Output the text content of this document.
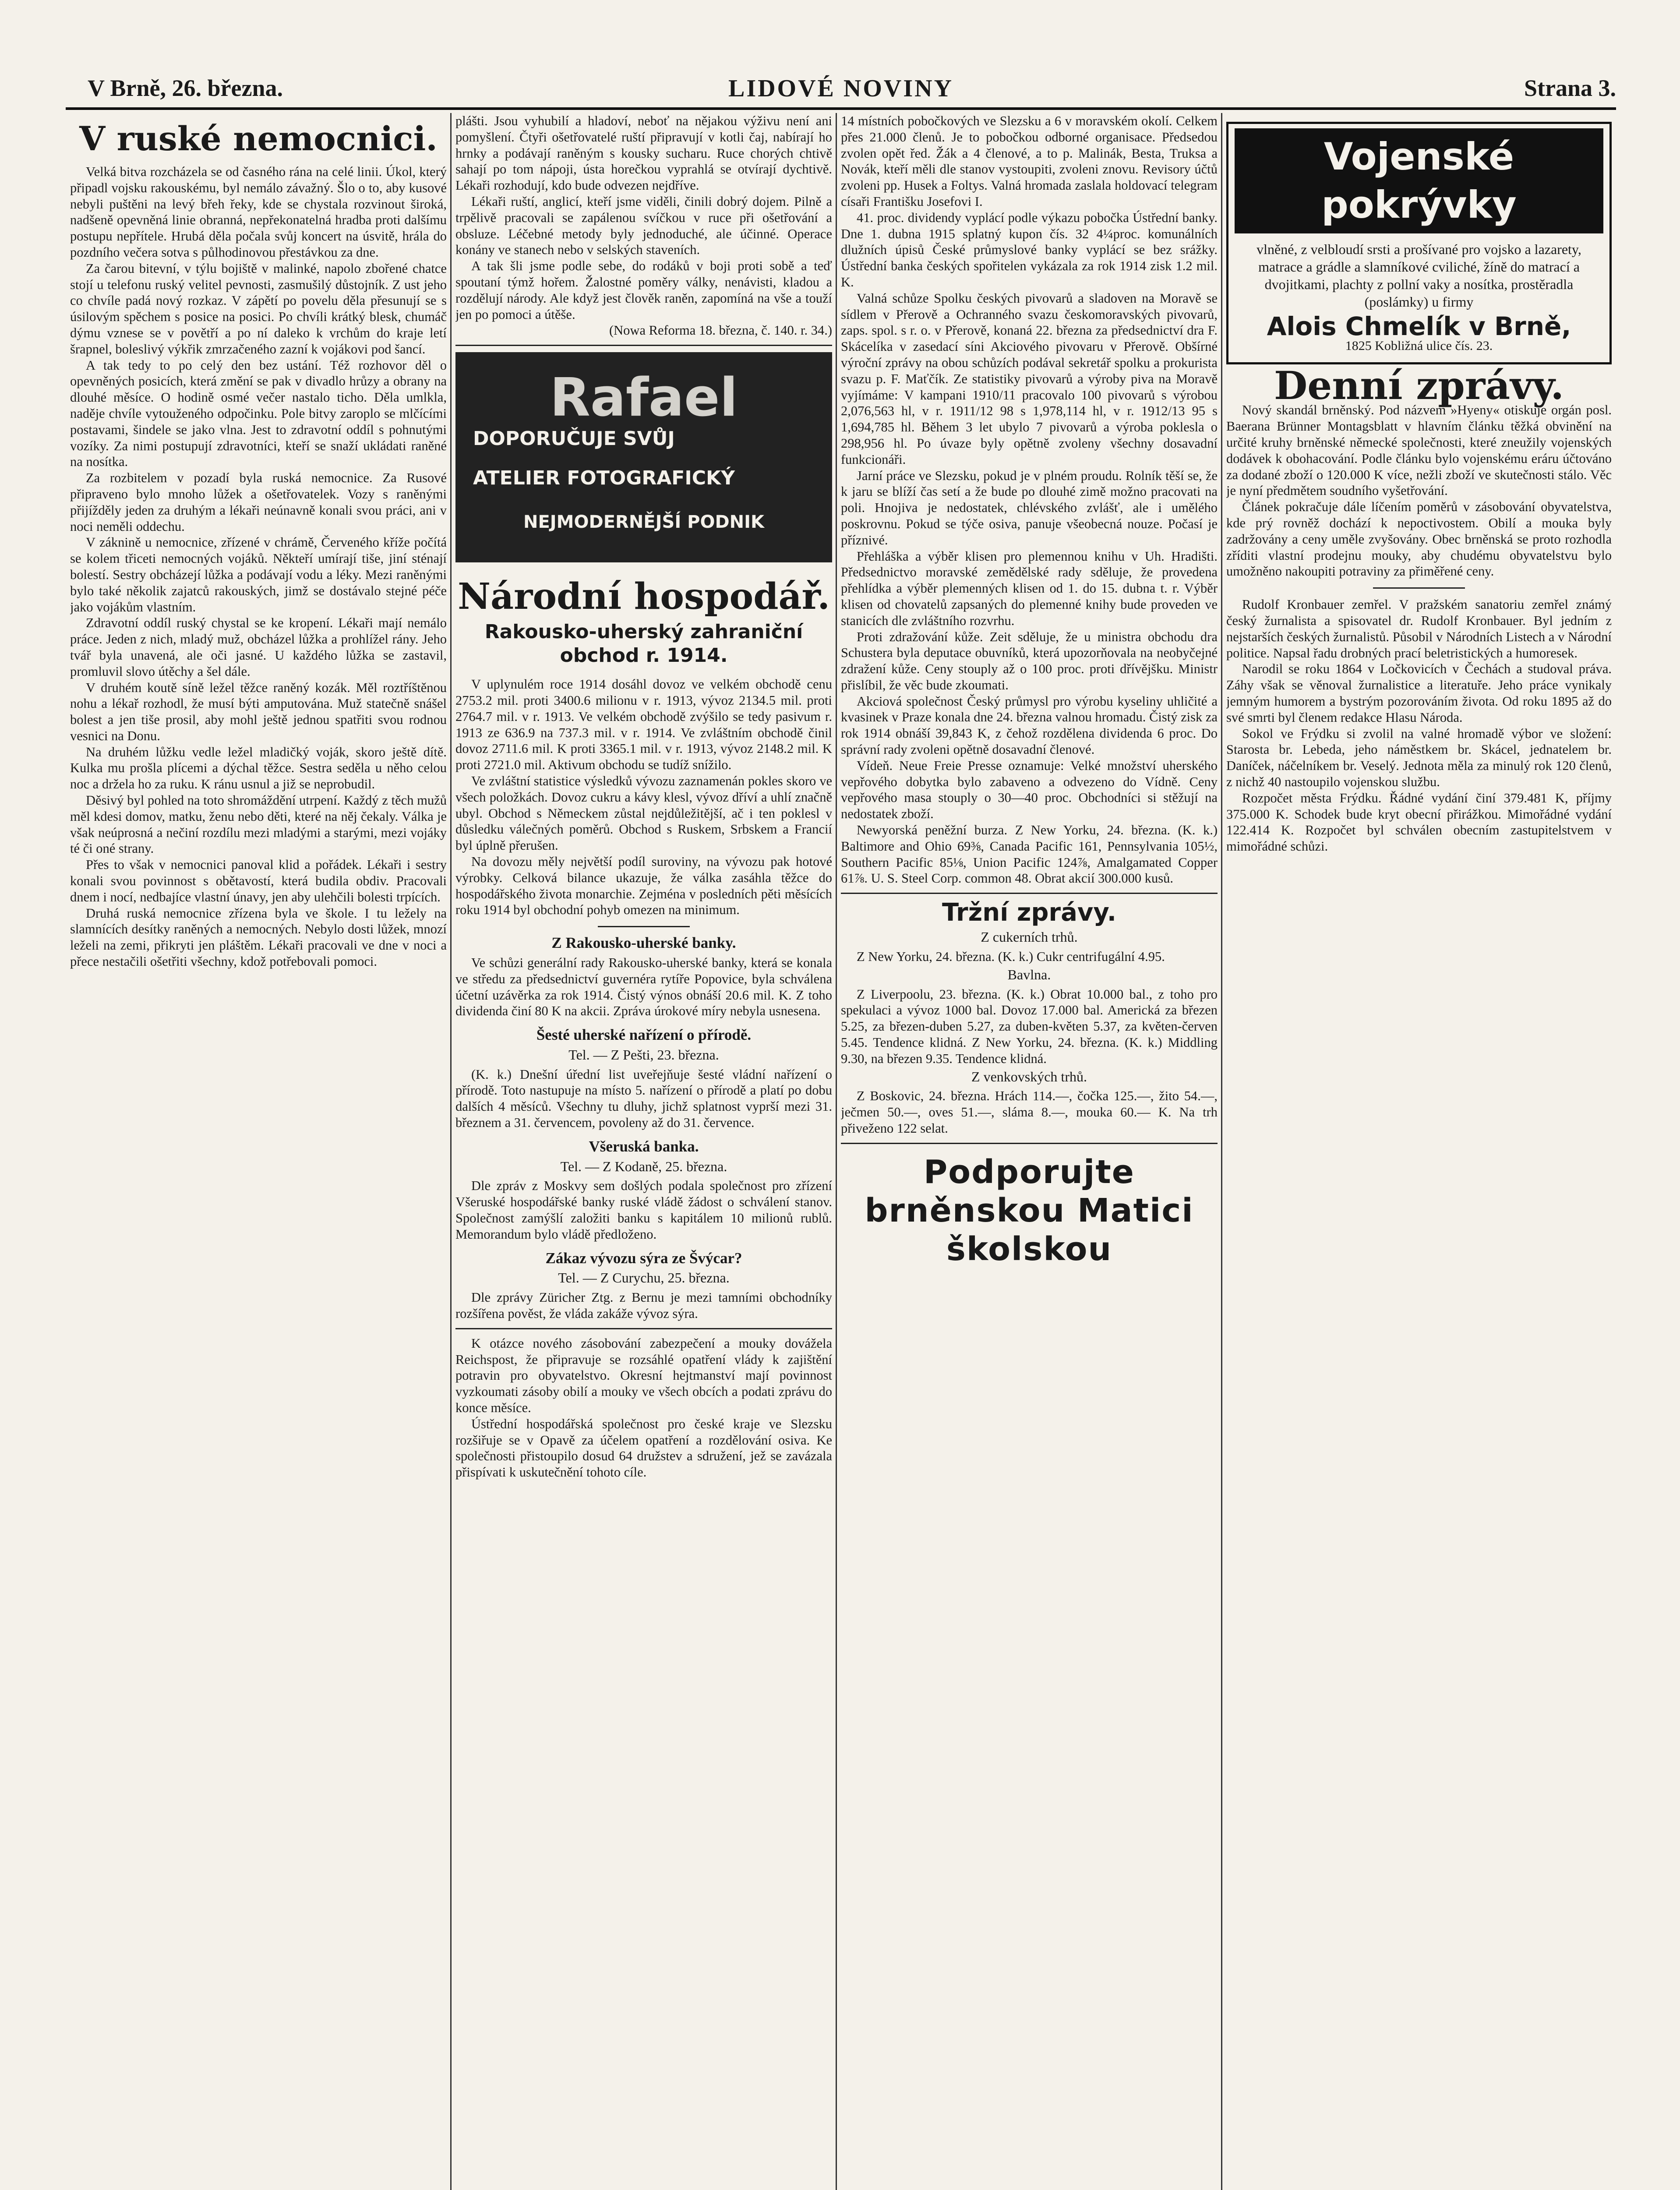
V Brně, 26. března.	LIDOVÉ NOVINY	Strana 3.
V ruské nemocnici.

Velká bitva rozcházela se od časného rána na celé linii. Úkol, který připadl vojsku rakouskému, byl nemálo závažný. Šlo o to, aby kusové nebyli puštěni na levý břeh řeky, kde se chystala rozvinout široká, nadšeně opevněná linie obranná, nepřekonatelná hradba proti dalšímu postupu nepřítele. Hrubá děla počala svůj koncert na úsvitě, hrála do pozdního večera sotva s půlhodinovou přestávkou za dne.

Za čarou bitevní, v týlu bojiště v malinké, napolo zbořené chatce stojí u telefonu ruský velitel pevnosti, zasmušilý důstojník. Z ust jeho co chvíle padá nový rozkaz. V zápětí po povelu děla přesunují se s úsilovým spěchem s posice na posici. Po chvíli krátký blesk, chumáč dýmu vznese se v povětří a po ní daleko k vrchům do kraje letí šrapnel, boleslivý výkřik zmrzačeného zazní k vojákovi pod šancí.

A tak tedy to po celý den bez ustání. Též rozhovor děl o opevněných posicích, která změní se pak v divadlo hrůzy a obrany na dlouhé měsíce. O hodině osmé večer nastalo ticho. Děla umlkla, naděje chvíle vytouženého odpočinku. Pole bitvy zaroplo se mlčícími postavami, šindele se jako vlna. Jest to zdravotní oddíl s pohnutými vozíky. Za nimi postupují zdravotníci, kteří se snaží ukládati raněné na nosítka.

Za rozbitelem v pozadí byla ruská nemocnice. Za Rusové připraveno bylo mnoho lůžek a ošetřovatelek. Vozy s raněnými přijížděly jeden za druhým a lékaři neúnavně konali svou práci, ani v noci neměli oddechu.

V záknině u nemocnice, zřízené v chrámě, Červeného kříže počítá se kolem třiceti nemocných vojáků. Někteří umírají tiše, jiní sténají bolestí. Sestry obcházejí lůžka a podávají vodu a léky. Mezi raněnými bylo také několik zajatců rakouských, jimž se dostávalo stejné péče jako vojákům vlastním.

Zdravotní oddíl ruský chystal se ke kropení. Lékaři mají nemálo práce. Jeden z nich, mladý muž, obcházel lůžka a prohlížel rány. Jeho tvář byla unavená, ale oči jasné. U každého lůžka se zastavil, promluvil slovo útěchy a šel dále.

V druhém koutě síně ležel těžce raněný kozák. Měl roztříštěnou nohu a lékař rozhodl, že musí býti amputována. Muž statečně snášel bolest a jen tiše prosil, aby mohl ještě jednou spatřiti svou rodnou vesnici na Donu.

Na druhém lůžku vedle ležel mladičký voják, skoro ještě dítě. Kulka mu prošla plícemi a dýchal těžce. Sestra seděla u něho celou noc a držela ho za ruku. K ránu usnul a již se neprobudil.

Děsivý byl pohled na toto shromáždění utrpení. Každý z těch mužů měl kdesi domov, matku, ženu nebo děti, které na něj čekaly. Válka je však neúprosná a nečiní rozdílu mezi mladými a starými, mezi vojáky té či oné strany.

Přes to však v nemocnici panoval klid a pořádek. Lékaři i sestry konali svou povinnost s obětavostí, která budila obdiv. Pracovali dnem i nocí, nedbajíce vlastní únavy, jen aby ulehčili bolesti trpících.

Druhá ruská nemocnice zřízena byla ve škole. I tu ležely na slamnících desítky raněných a nemocných. Nebylo dosti lůžek, mnozí leželi na zemi, přikryti jen pláštěm. Lékaři pracovali ve dne v noci a přece nestačili ošetřiti všechny, kdož potřebovali pomoci.

plášti. Jsou vyhubilí a hladoví, neboť na nějakou výživu není ani pomyšlení. Čtyři ošetřovatelé ruští připravují v kotli čaj, nabírají ho hrnky a podávají raněným s kousky sucharu. Ruce chorých chtivě sahají po tom nápoji, ústa horečkou vyprahlá se otvírají dychtivě. Lékaři rozhodují, kdo bude odvezen nejdříve.

Lékaři ruští, anglicí, kteří jsme viděli, činili dobrý dojem. Pilně a trpělivě pracovali se zapálenou svíčkou v ruce při ošetřování a obsluze. Léčebné metody byly jednoduché, ale účinné. Operace konány ve stanech nebo v selských staveních.

A tak šli jsme podle sebe, do rodáků v boji proti sobě a teď spoutaní týmž hořem. Žalostné poměry války, nenávisti, kladou a rozdělují národy. Ale když jest člověk raněn, zapomíná na vše a touží jen po pomoci a útěše.

(Nowa Reforma 18. března, č. 140. r. 34.)
Rafael
DOPORUČUJE SVŮJ
ATELIER FOTOGRAFICKÝ
NEJMODERNĚJŠÍ PODNIK
Národní hospodář.
Rakousko-uherský zahraniční obchod r. 1914.

V uplynulém roce 1914 dosáhl dovoz ve velkém obchodě cenu 2753.2 mil. proti 3400.6 milionu v r. 1913, vývoz 2134.5 mil. proti 2764.7 mil. v r. 1913. Ve velkém obchodě zvýšilo se tedy pasivum r. 1913 ze 636.9 na 737.3 mil. v r. 1914. Ve zvláštním obchodě činil dovoz 2711.6 mil. K proti 3365.1 mil. v r. 1913, vývoz 2148.2 mil. K proti 2721.0 mil. Aktivum obchodu se tudíž snížilo.

Ve zvláštní statistice výsledků vývozu zaznamenán pokles skoro ve všech položkách. Dovoz cukru a kávy klesl, vývoz dříví a uhlí značně ubyl. Obchod s Německem zůstal nejdůležitější, ač i ten poklesl v důsledku válečných poměrů. Obchod s Ruskem, Srbskem a Francií byl úplně přerušen.

Na dovozu měly největší podíl suroviny, na vývozu pak hotové výrobky. Celková bilance ukazuje, že válka zasáhla těžce do hospodářského života monarchie. Zejména v posledních pěti měsících roku 1914 byl obchodní pohyb omezen na minimum.

Z Rakousko-uherské banky.

Ve schůzi generální rady Rakousko-uherské banky, která se konala ve středu za předsednictví guvernéra rytíře Popovice, byla schválena účetní uzávěrka za rok 1914. Čistý výnos obnáší 20.6 mil. K. Z toho dividenda činí 80 K na akcii. Zpráva úrokové míry nebyla usnesena.

Šesté uherské nařízení o přírodě.
Tel. — Z Pešti, 23. března.

(K. k.) Dnešní úřední list uveřejňuje šesté vládní nařízení o přírodě. Toto nastupuje na místo 5. nařízení o přírodě a platí po dobu dalších 4 měsíců. Všechny tu dluhy, jichž splatnost vyprší mezi 31. březnem a 31. červencem, povoleny až do 31. července.

Všeruská banka.
Tel. — Z Kodaně, 25. března.

Dle zpráv z Moskvy sem došlých podala společnost pro zřízení Všeruské hospodářské banky ruské vládě žádost o schválení stanov. Společnost zamýšlí založiti banku s kapitálem 10 milionů rublů. Memorandum bylo vládě předloženo.

Zákaz vývozu sýra ze Švýcar?
Tel. — Z Curychu, 25. března.

Dle zprávy Züricher Ztg. z Bernu je mezi tamními obchodníky rozšířena pověst, že vláda zakáže vývoz sýra.

K otázce nového zásobování zabezpečení a mouky dovážela Reichspost, že připravuje se rozsáhlé opatření vlády k zajištění potravin pro obyvatelstvo. Okresní hejtmanství mají povinnost vyzkoumati zásoby obilí a mouky ve všech obcích a podati zprávu do konce měsíce.

Ústřední hospodářská společnost pro české kraje ve Slezsku rozšiřuje se v Opavě za účelem opatření a rozdělování osiva. Ke společnosti přistoupilo dosud 64 družstev a sdružení, jež se zavázala přispívati k uskutečnění tohoto cíle.

14 místních pobočkových ve Slezsku a 6 v moravském okolí. Celkem přes 21.000 členů. Je to pobočkou odborné organisace. Předsedou zvolen opět řed. Žák a 4 členové, a to p. Malinák, Besta, Truksa a Novák, kteří měli dle stanov vystoupiti, zvoleni znovu. Revisory účtů zvoleni pp. Husek a Foltys. Valná hromada zaslala holdovací telegram císaři Františku Josefovi I.

41. proc. dividendy vyplácí podle výkazu pobočka Ústřední banky. Dne 1. dubna 1915 splatný kupon čís. 32 4¼proc. komunálních dlužních úpisů České průmyslové banky vyplácí se bez srážky. Ústřední banka českých spořitelen vykázala za rok 1914 zisk 1.2 mil. K.

Valná schůze Spolku českých pivovarů a sladoven na Moravě se sídlem v Přerově a Ochranného svazu českomoravských pivovarů, zaps. spol. s r. o. v Přerově, konaná 22. března za předsednictví dra F. Skácelíka v zasedací síni Akciového pivovaru v Přerově. Obšírné výroční zprávy na obou schůzích podával sekretář spolku a prokurista svazu p. F. Maťčík. Ze statistiky pivovarů a výroby piva na Moravě vyjímáme: V kampani 1910/11 pracovalo 100 pivovarů s výrobou 2,076,563 hl, v r. 1911/12 98 s 1,978,114 hl, v r. 1912/13 95 s 1,694,785 hl. Během 3 let ubylo 7 pivovarů a výroba poklesla o 298,956 hl. Po úvaze byly opětně zvoleny všechny dosavadní funkcionáři.

Jarní práce ve Slezsku, pokud je v plném proudu. Rolník těší se, že k jaru se blíží čas setí a že bude po dlouhé zimě možno pracovati na poli. Hnojiva je nedostatek, chlévského zvlášť, ale i umělého poskrovnu. Pokud se týče osiva, panuje všeobecná nouze. Počasí je příznivé.

Přehláška a výběr klisen pro plemennou knihu v Uh. Hradišti. Předsednictvo moravské zemědělské rady sděluje, že provedena přehlídka a výběr plemenných klisen od 1. do 15. dubna t. r. Výběr klisen od chovatelů zapsaných do plemenné knihy bude proveden ve stanicích dle zvláštního rozvrhu.

Proti zdražování kůže. Zeit sděluje, že u ministra obchodu dra Schustera byla deputace obuvníků, která upozorňovala na neobyčejné zdražení kůže. Ceny stouply až o 100 proc. proti dřívějšku. Ministr přislíbil, že věc bude zkoumati.

Akciová společnost Český průmysl pro výrobu kyseliny uhličité a kvasinek v Praze konala dne 24. března valnou hromadu. Čistý zisk za rok 1914 obnáší 39,843 K, z čehož rozdělena dividenda 6 proc. Do správní rady zvoleni opětně dosavadní členové.

Vídeň. Neue Freie Presse oznamuje: Velké množství uherského vepřového dobytka bylo zabaveno a odvezeno do Vídně. Ceny vepřového masa stouply o 30—40 proc. Obchodníci si stěžují na nedostatek zboží.

Newyorská peněžní burza. Z New Yorku, 24. března. (K. k.) Baltimore and Ohio 69⅜, Canada Pacific 161, Pennsylvania 105½, Southern Pacific 85⅛, Union Pacific 124⅞, Amalgamated Copper 61⅞. U. S. Steel Corp. common 48. Obrat akcií 300.000 kusů.

Tržní zprávy.
Z cukerních trhů.

Z New Yorku, 24. března. (K. k.) Cukr centrifugální 4.95.

Bavlna.

Z Liverpoolu, 23. března. (K. k.) Obrat 10.000 bal., z toho pro spekulaci a vývoz 1000 bal. Dovoz 17.000 bal. Americká za březen 5.25, za březen-duben 5.27, za duben-květen 5.37, za květen-červen 5.45. Tendence klidná. Z New Yorku, 24. března. (K. k.) Middling 9.30, na březen 9.35. Tendence klidná.

Z venkovských trhů.

Z Boskovic, 24. března. Hrách 114.—, čočka 125.—, žito 54.—, ječmen 50.—, oves 51.—, sláma 8.—, mouka 60.— K. Na trh přiveženo 122 selat.

Podporujte brněnskou Matici školskou
Vojenské pokrývky
vlněné, z velbloudí srsti a prošívané pro vojsko a lazarety, matrace a grádle a slamníkové cviliché, žíně do matrací a dvojitkami, plachty z pollní vaky a nosítka, prostěradla (poslámky) u firmy
Alois Chmelík v Brně,
1825 Kobližná ulice čís. 23.
Denní zprávy.

Nový skandál brněnský. Pod názvem »Hyeny« otiskuje orgán posl. Baerana Brünner Montagsblatt v hlavním článku těžká obvinění na určité kruhy brněnské německé společnosti, které zneužily vojenských dodávek k obohacování. Podle článku bylo vojenskému eráru účtováno za dodané zboží o 120.000 K více, nežli zboží ve skutečnosti stálo. Věc je nyní předmětem soudního vyšetřování.

Článek pokračuje dále líčením poměrů v zásobování obyvatelstva, kde prý rovněž dochází k nepoctivostem. Obilí a mouka byly zadržovány a ceny uměle zvyšovány. Obec brněnská se proto rozhodla zříditi vlastní prodejnu mouky, aby chudému obyvatelstvu bylo umožněno nakoupiti potraviny za přiměřené ceny.

Rudolf Kronbauer zemřel. V pražském sanatoriu zemřel známý český žurnalista a spisovatel dr. Rudolf Kronbauer. Byl jedním z nejstarších českých žurnalistů. Působil v Národních Listech a v Národní politice. Napsal řadu drobných prací beletristických a humoresek.

Narodil se roku 1864 v Ločkovicích v Čechách a studoval práva. Záhy však se věnoval žurnalistice a literatuře. Jeho práce vynikaly jemným humorem a bystrým pozorováním života. Od roku 1895 až do své smrti byl členem redakce Hlasu Národa.

Sokol ve Frýdku si zvolil na valné hromadě výbor ve složení: Starosta br. Lebeda, jeho náměstkem br. Skácel, jednatelem br. Daníček, náčelníkem br. Veselý. Jednota měla za minulý rok 120 členů, z nichž 40 nastoupilo vojenskou službu.

Rozpočet města Frýdku. Řádné vydání činí 379.481 K, příjmy 375.000 K. Schodek bude kryt obecní přirážkou. Mimořádné vydání 122.414 K. Rozpočet byl schválen obecním zastupitelstvem v mimořádné schůzi.
